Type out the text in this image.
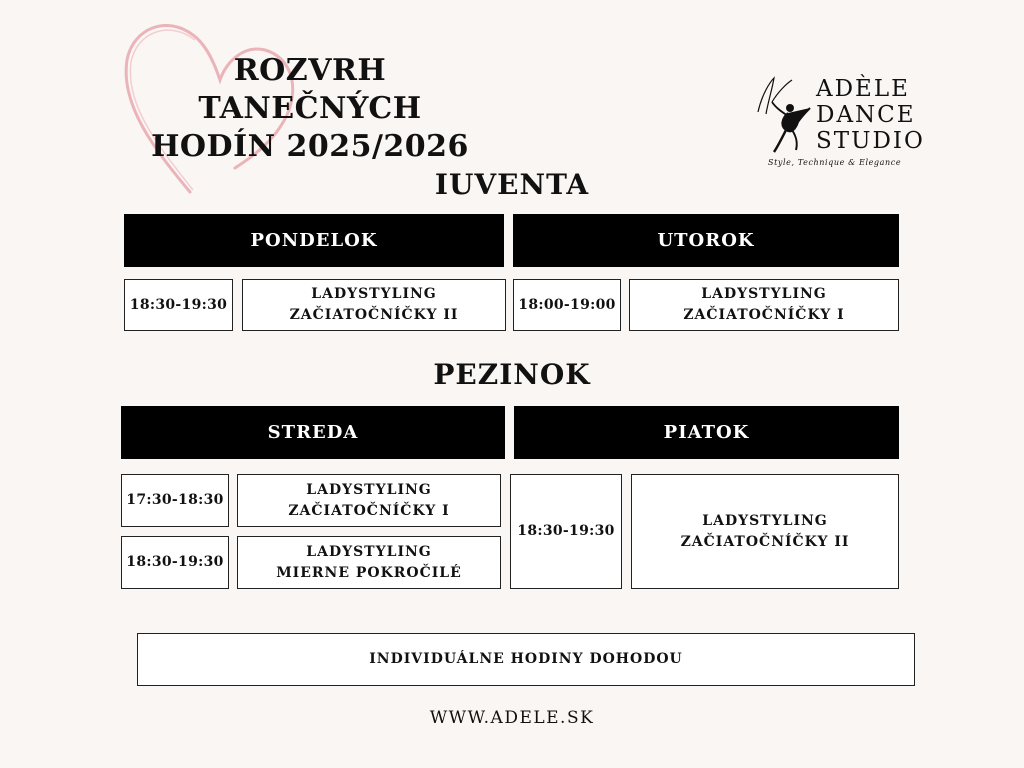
ROZVRH TANEČNÝCH
HODÍN 2025/2026
ADÈLE
DANCE
STUDIO
Style, Technique & Elegance
IUVENTA
PONDELOK	UTOROK
18:30-19:30
LADYSTYLING
ZAČIATOČNÍČKY II
18:00-19:00
LADYSTYLING
ZAČIATOČNÍČKY I
PEZINOK
STREDA	PIATOK
17:30-18:30
LADYSTYLING
ZAČIATOČNÍČKY I
18:30-19:30
LADYSTYLING
MIERNE POKROČILÉ
18:30-19:30
LADYSTYLING
ZAČIATOČNÍČKY II
INDIVIDUÁLNE HODINY DOHODOU
WWW.ADELE.SK
